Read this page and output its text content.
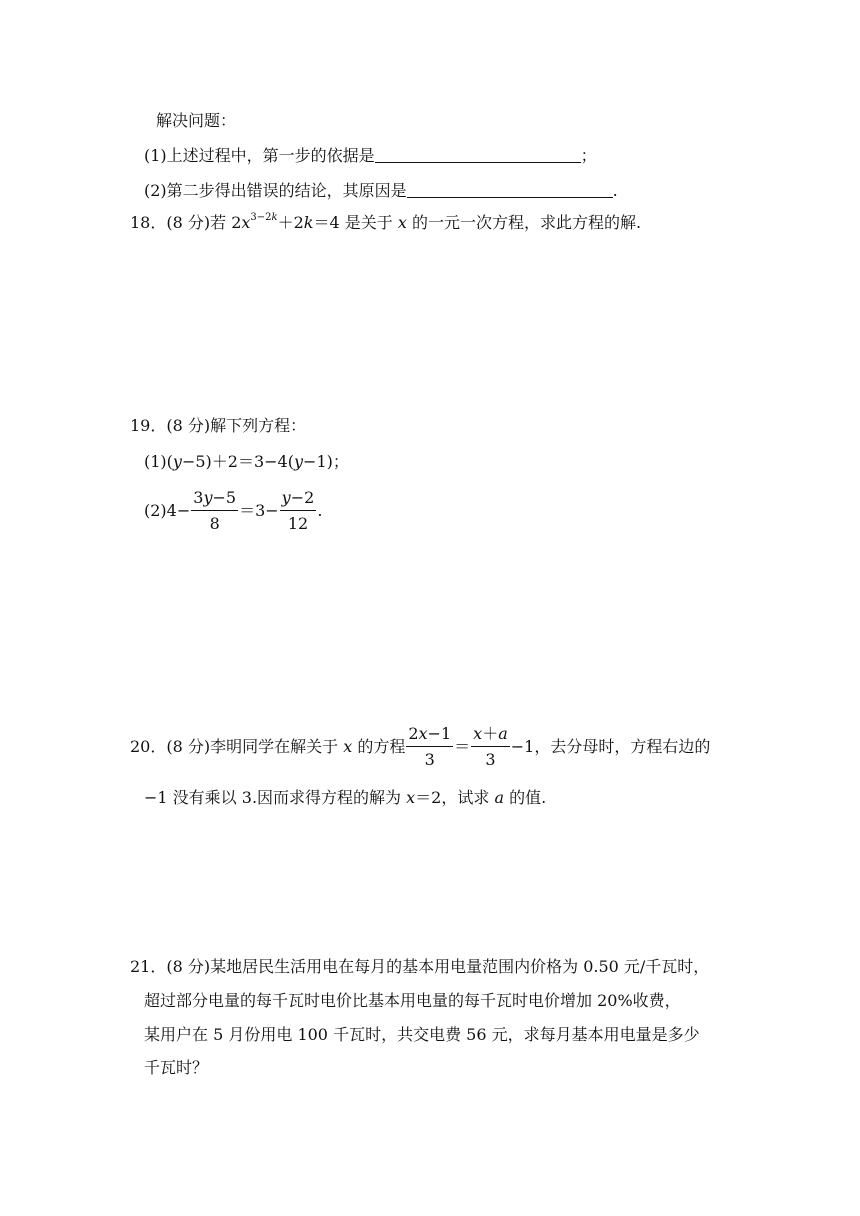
解决问题：
(1)上述过程中，第一步的依据是	；
(2)第二步得出错误的结论，其原因是	.
18．(8 分)若 $2x^{3-2k}+2k=4$ 是关于 x 的一元一次方程，求此方程的解.
19．(8 分)解下列方程：
(1)(y−5)＋2＝3−4(y−1)；
$(2)4- \frac{3y-5}{8} =3- \frac{y-2}{12}$ .
20．(8 分)李明同学在解关于 x 的方程 $\frac{2x-1}{3} = \frac{x+a}{3} -1$，去分母时，方程右边的
−1 没有乘以 3.因而求得方程的解为 x＝2，试求 a 的值.
21．(8 分)某地居民生活用电在每月的基本用电量范围内价格为 0.50 元/千瓦时，
超过部分电量的每千瓦时电价比基本用电量的每千瓦时电价增加 20%收费，
某用户在 5 月份用电 100 千瓦时，共交电费 56 元，求每月基本用电量是多少
千瓦时？
